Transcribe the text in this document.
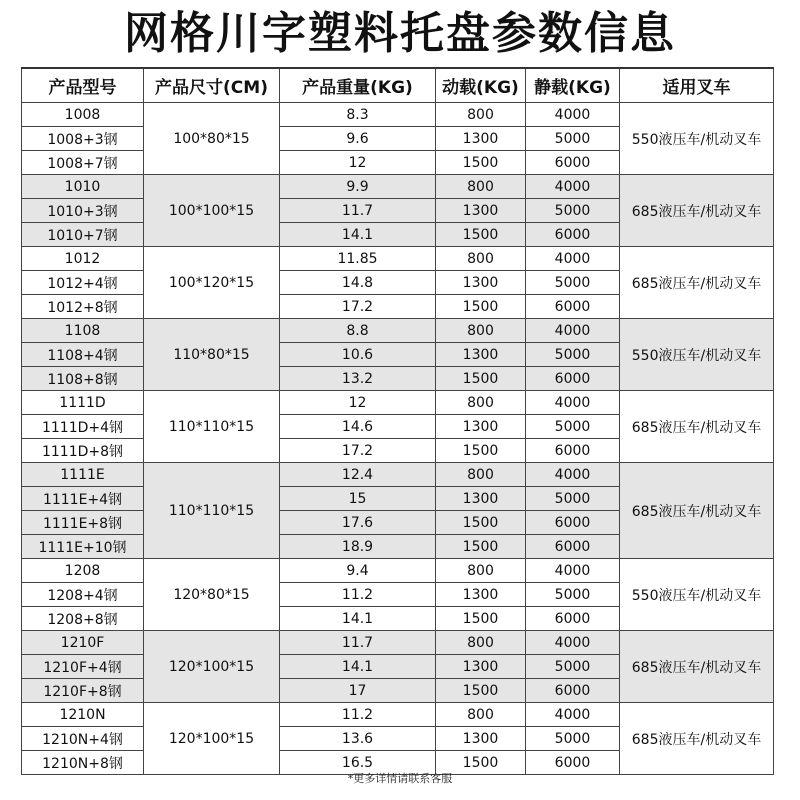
网格川字塑料托盘参数信息
产品型号	产品尺寸(CM)	产品重量(KG)	动载(KG)	静载(KG)	适用叉车
1008	100*80*15	8.3	800	4000	550液压车/机动叉车
1008+3钢		9.6	1300	5000	
1008+7钢		12	1500	6000	
1010	100*100*15	9.9	800	4000	685液压车/机动叉车
1010+3钢		11.7	1300	5000	
1010+7钢		14.1	1500	6000	
1012	100*120*15	11.85	800	4000	685液压车/机动叉车
1012+4钢		14.8	1300	5000	
1012+8钢		17.2	1500	6000	
1108	110*80*15	8.8	800	4000	550液压车/机动叉车
1108+4钢		10.6	1300	5000	
1108+8钢		13.2	1500	6000	
1111D	110*110*15	12	800	4000	685液压车/机动叉车
1111D+4钢		14.6	1300	5000	
1111D+8钢		17.2	1500	6000	
1111E	110*110*15	12.4	800	4000	685液压车/机动叉车
1111E+4钢		15	1300	5000	
1111E+8钢		17.6	1500	6000	
1111E+10钢		18.9	1500	6000	
1208	120*80*15	9.4	800	4000	550液压车/机动叉车
1208+4钢		11.2	1300	5000	
1208+8钢		14.1	1500	6000	
1210F	120*100*15	11.7	800	4000	685液压车/机动叉车
1210F+4钢		14.1	1300	5000	
1210F+8钢		17	1500	6000	
1210N	120*100*15	11.2	800	4000	685液压车/机动叉车
1210N+4钢		13.6	1300	5000	
1210N+8钢		16.5	1500	6000	
*更多详情请联系客服
